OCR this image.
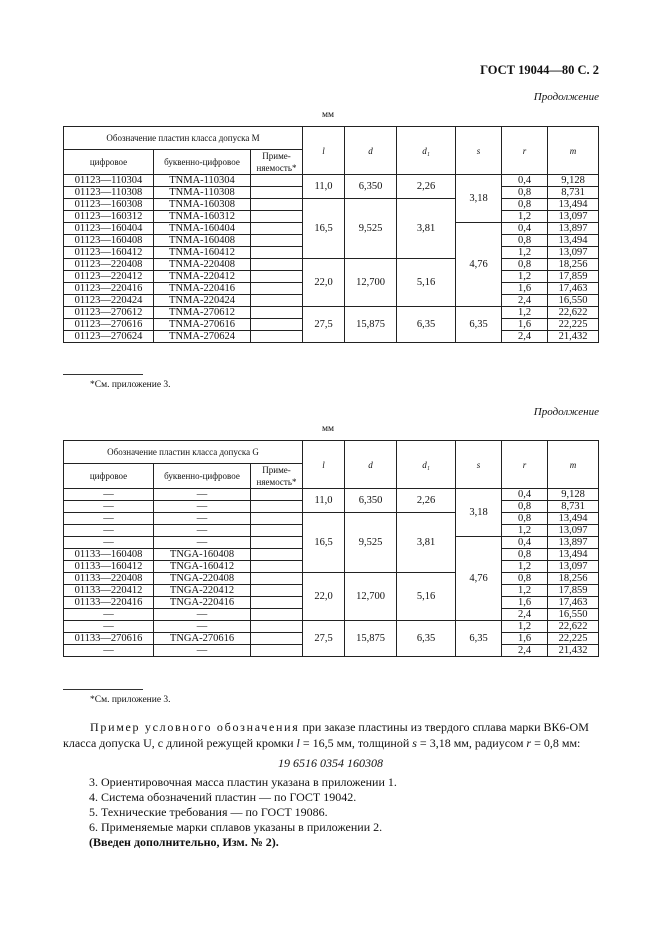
ГОСТ 19044—80 С. 2
Продолжение
мм
Обозначение пластин класса допуска M			l	d	d₁	s	r	m
цифровое	буквенно-цифровое	Приме- няемость*						
01123—110304	TNMA-110304		11,0	6,350	2,26	3,18	0,4	9,128
01123—110308	TNMA-110308						0,8	8,731
01123—160308	TNMA-160308		16,5	9,525	3,81		0,8	13,494
01123—160312	TNMA-160312						1,2	13,097
01123—160404	TNMA-160404					4,76	0,4	13,897
01123—160408	TNMA-160408						0,8	13,494
01123—160412	TNMA-160412						1,2	13,097
01123—220408	TNMA-220408		22,0	12,700	5,16		0,8	18,256
01123—220412	TNMA-220412						1,2	17,859
01123—220416	TNMA-220416						1,6	17,463
01123—220424	TNMA-220424						2,4	16,550
01123—270612	TNMA-270612		27,5	15,875	6,35	6,35	1,2	22,622
01123—270616	TNMA-270616						1,6	22,225
01123—270624	TNMA-270624						2,4	21,432
*См. приложение 3.
Продолжение
мм
Обозначение пластин класса допуска G			l	d	d₁	s	r	m
цифровое	буквенно-цифровое	Приме- няемость*						
—	—		11,0	6,350	2,26	3,18	0,4	9,128
—	—						0,8	8,731
—	—		16,5	9,525	3,81		0,8	13,494
—	—						1,2	13,097
—	—					4,76	0,4	13,897
01133—160408	TNGA-160408						0,8	13,494
01133—160412	TNGA-160412						1,2	13,097
01133—220408	TNGA-220408		22,0	12,700	5,16		0,8	18,256
01133—220412	TNGA-220412						1,2	17,859
01133—220416	TNGA-220416						1,6	17,463
—	—						2,4	16,550
—	—		27,5	15,875	6,35	6,35	1,2	22,622
01133—270616	TNGA-270616						1,6	22,225
—	—						2,4	21,432
*См. приложение 3.
Пример условного обозначения при заказе пластины из твердого сплава марки ВК6-ОМ
класса допуска U, с длиной режущей кромки l = 16,5 мм, толщиной s = 3,18 мм, радиусом r = 0,8 мм:
19 6516 0354 160308
3. Ориентировочная масса пластин указана в приложении 1.
4. Система обозначений пластин — по ГОСТ 19042.
5. Технические требования — по ГОСТ 19086.
6. Применяемые марки сплавов указаны в приложении 2.
(Введен дополнительно, Изм. № 2).
